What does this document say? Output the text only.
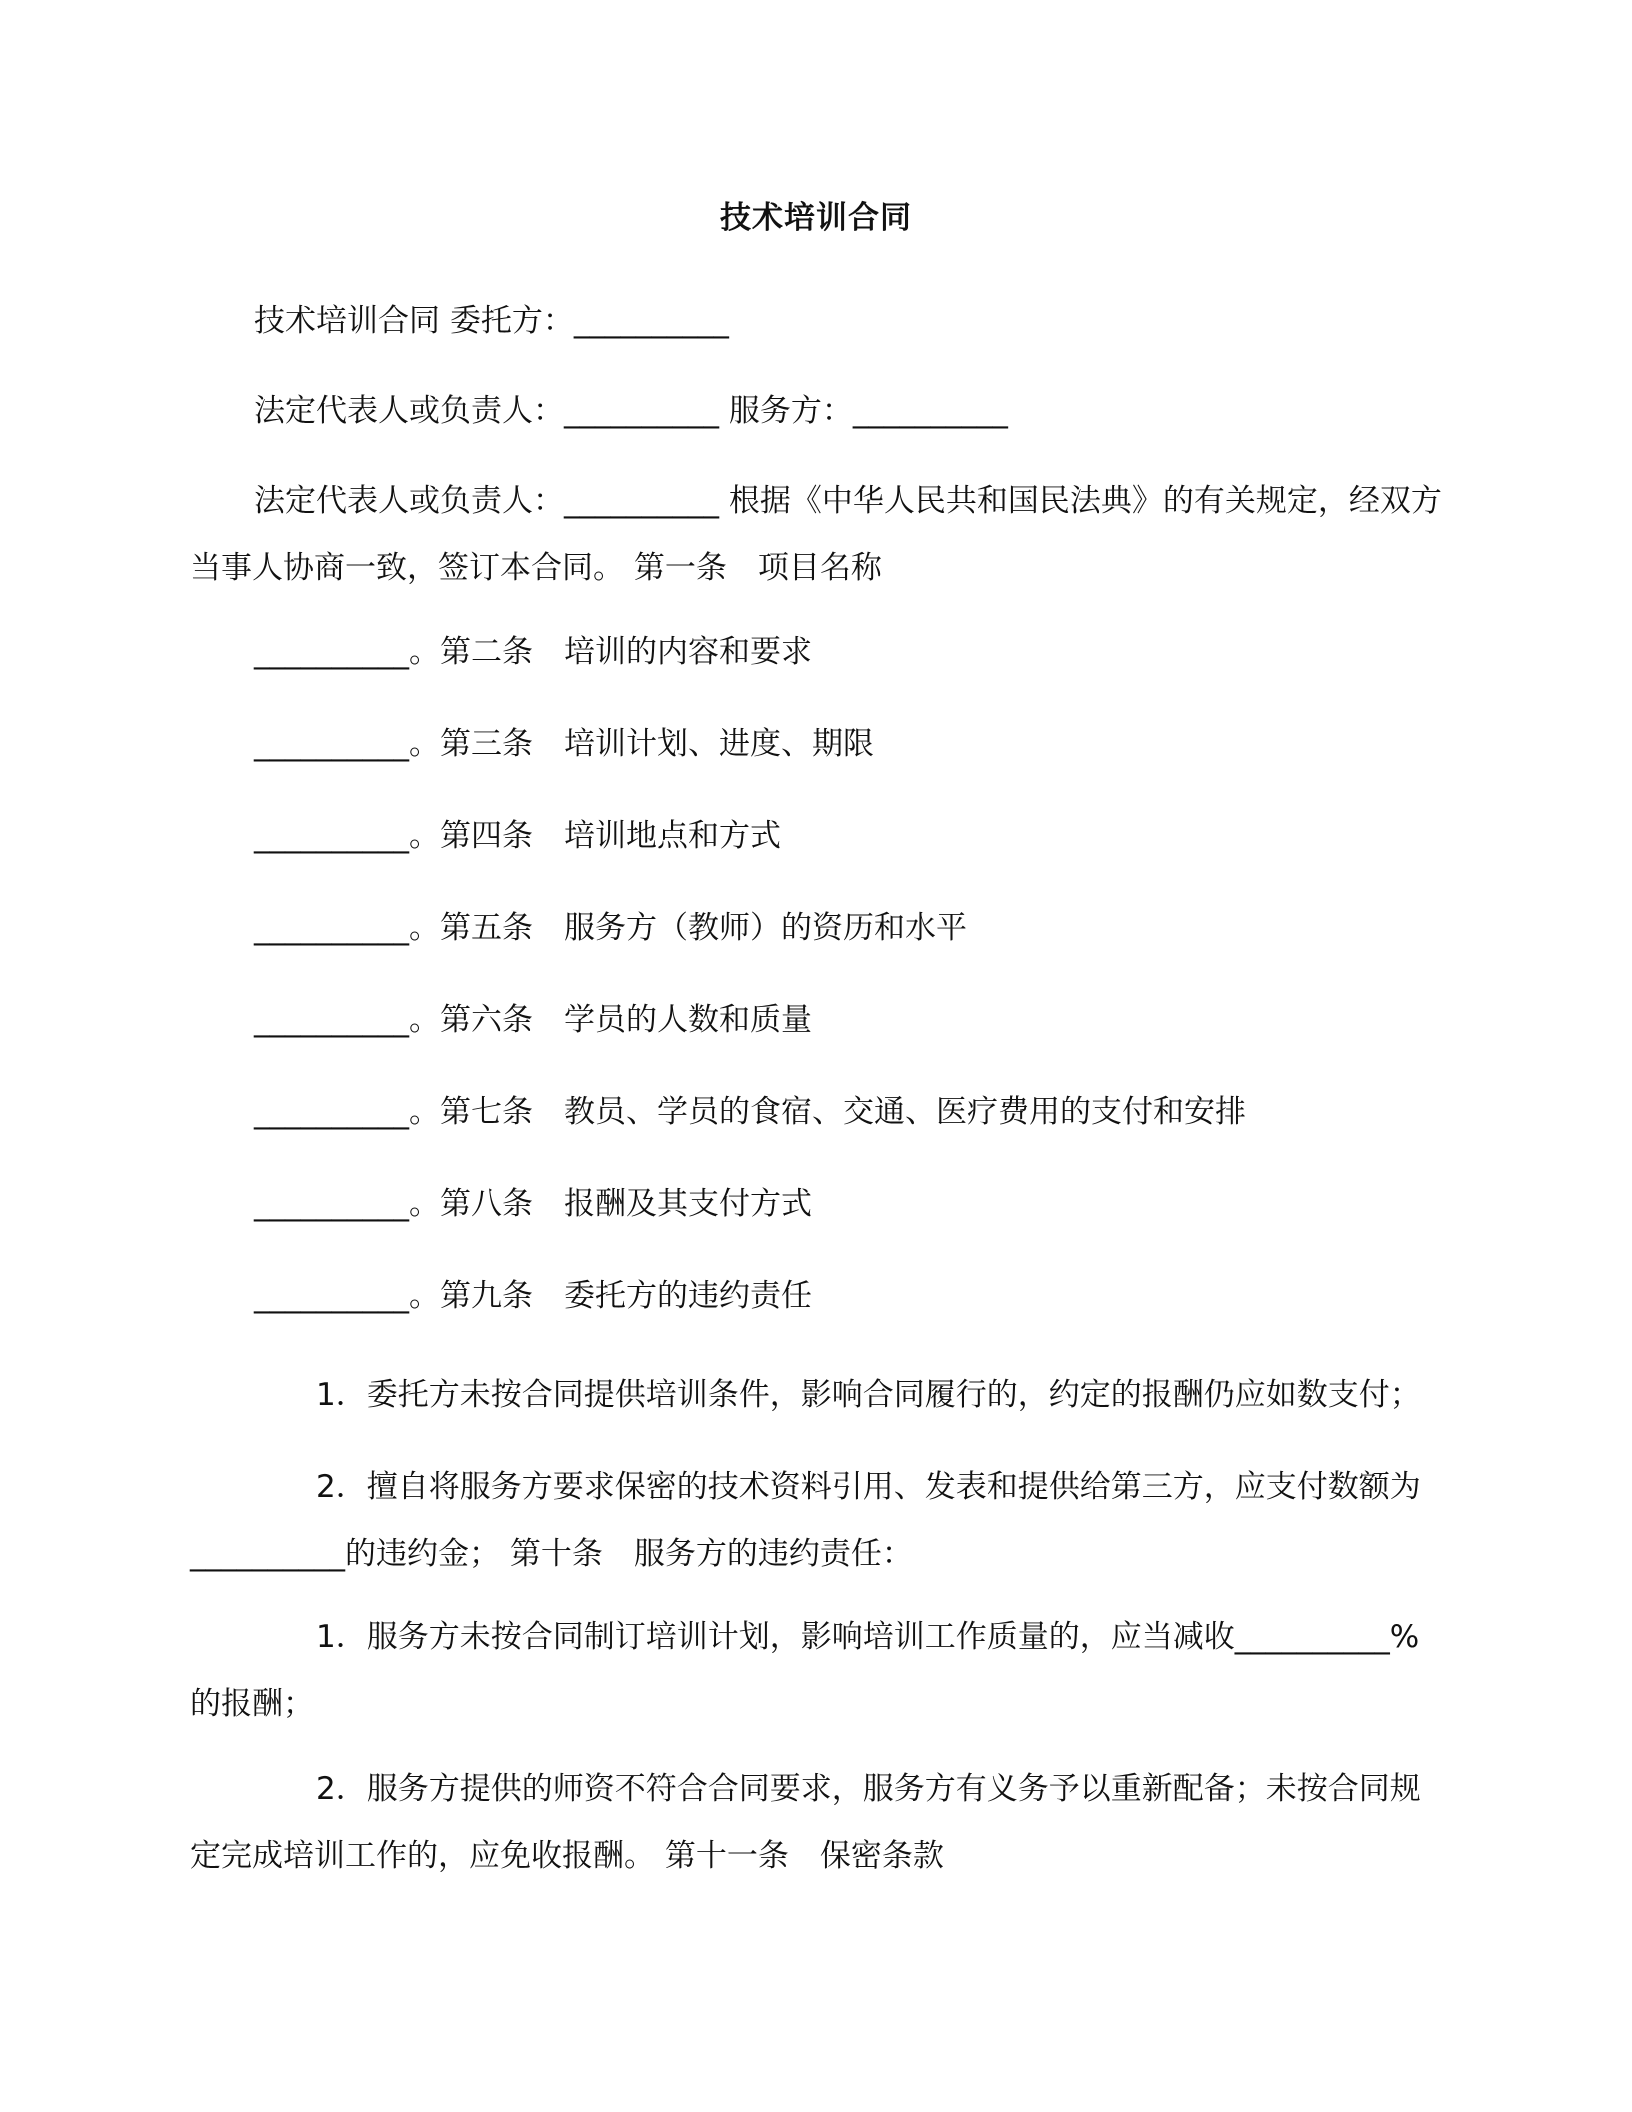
技术培训合同
技术培训合同 委托方：__________
法定代表人或负责人：__________ 服务方：__________
法定代表人或负责人：__________ 根据《中华人民共和国民法典》的有关规定，经双方当事人协商一致，签订本合同。 第一条　项目名称
__________。第二条　培训的内容和要求
__________。第三条　培训计划、进度、期限
__________。第四条　培训地点和方式
__________。第五条　服务方（教师）的资历和水平
__________。第六条　学员的人数和质量
__________。第七条　教员、学员的食宿、交通、医疗费用的支付和安排
__________。第八条　报酬及其支付方式
__________。第九条　委托方的违约责任
1．委托方未按合同提供培训条件，影响合同履行的，约定的报酬仍应如数支付；
2．擅自将服务方要求保密的技术资料引用、发表和提供给第三方，应支付数额为__________的违约金； 第十条　服务方的违约责任：
1．服务方未按合同制订培训计划，影响培训工作质量的，应当减收__________%的报酬；
2．服务方提供的师资不符合合同要求，服务方有义务予以重新配备；未按合同规定完成培训工作的，应免收报酬。 第十一条　保密条款
